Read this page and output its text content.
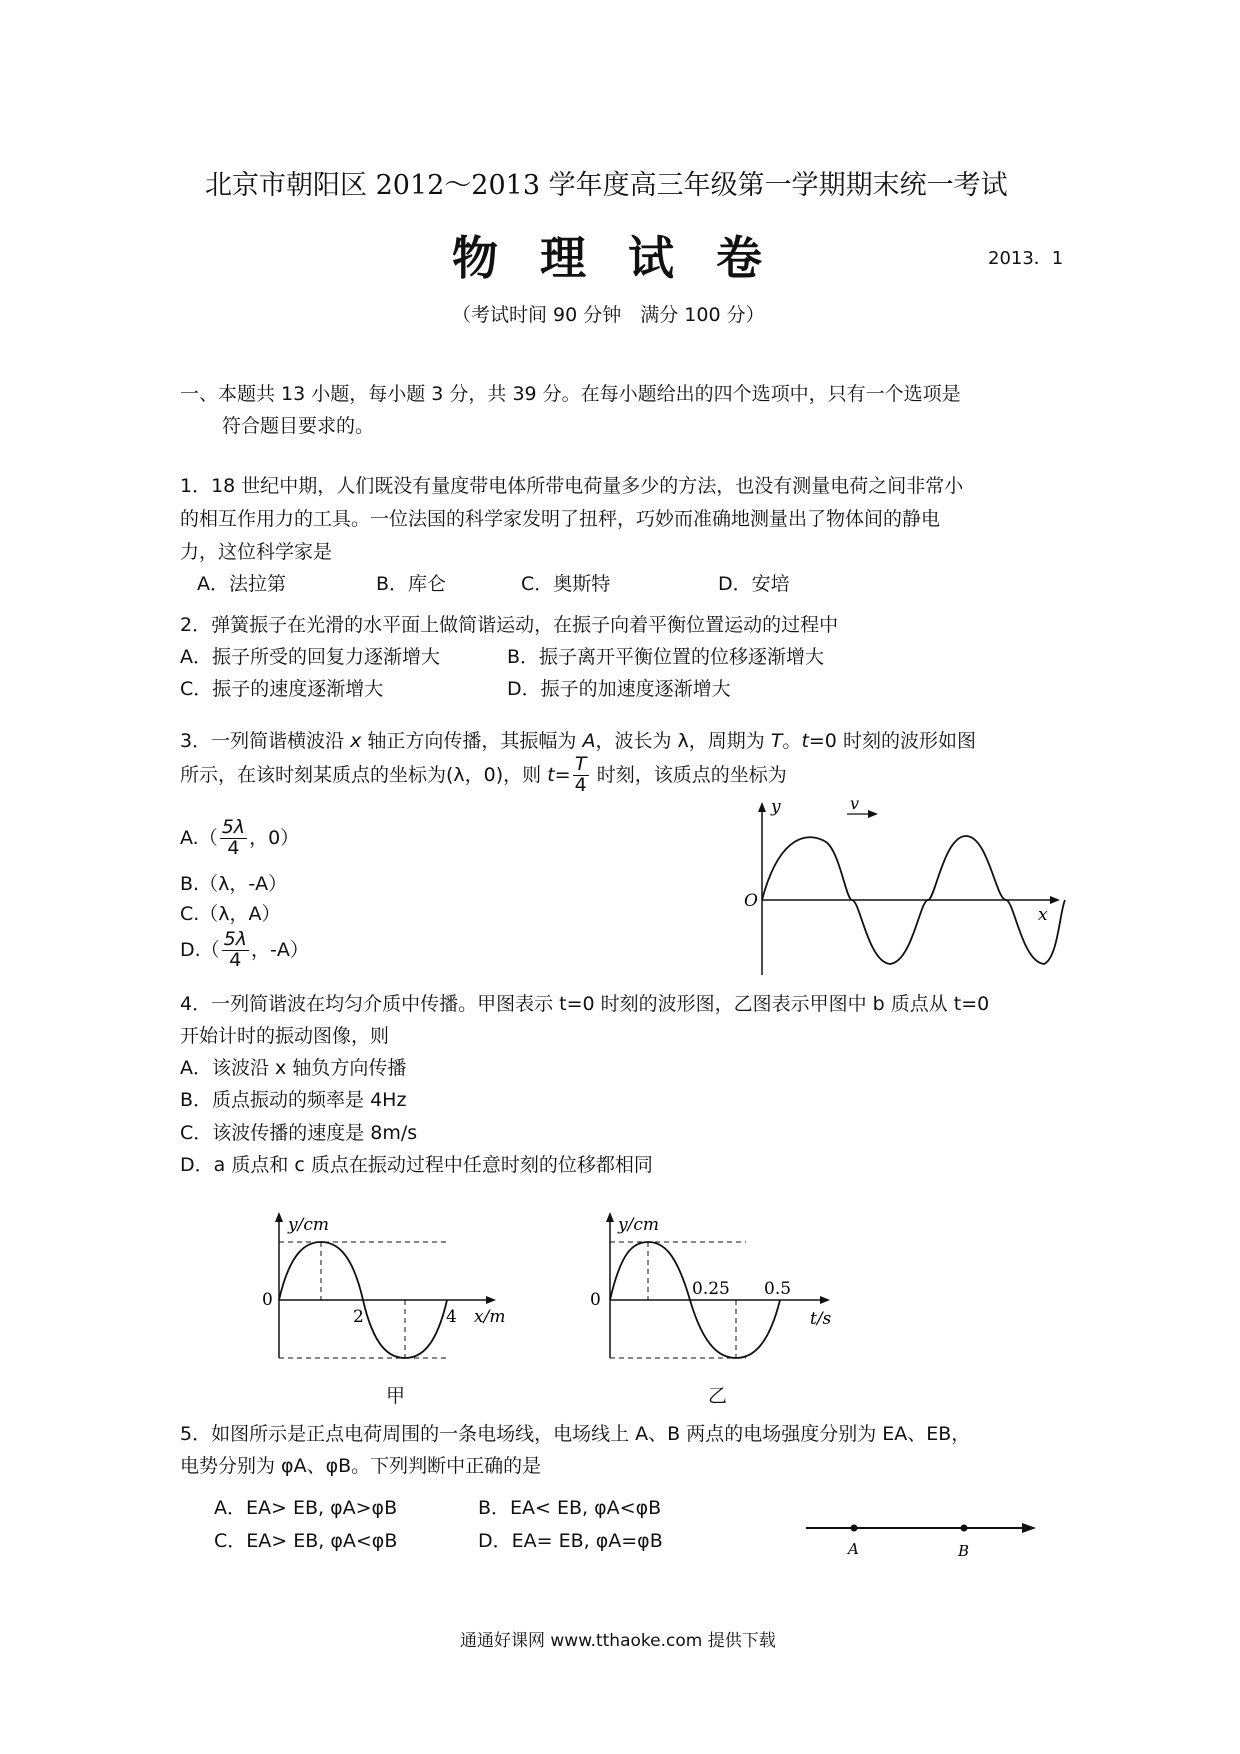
北京市朝阳区 2012～2013 学年度高三年级第一学期期末统一考试
物理试卷	2013．1
（考试时间 90 分钟　满分 100 分）
一、本题共 13 小题，每小题 3 分，共 39 分。在每小题给出的四个选项中，只有一个选项是
符合题目要求的。
1．18 世纪中期，人们既没有量度带电体所带电荷量多少的方法，也没有测量电荷之间非常小
的相互作用力的工具。一位法国的科学家发明了扭秤，巧妙而准确地测量出了物体间的静电
力，这位科学家是
A．法拉第	B．库仑	C．奥斯特	D．安培
2．弹簧振子在光滑的水平面上做简谐运动，在振子向着平衡位置运动的过程中
A．振子所受的回复力逐渐增大	B．振子离开平衡位置的位移逐渐增大
C．振子的速度逐渐增大	D．振子的加速度逐渐增大
3．一列简谐横波沿 x 轴正方向传播，其振幅为 A，波长为 λ，周期为 T。t=0 时刻的波形如图
所示，在该时刻某质点的坐标为(λ，0)，则 $t= \frac{T}{4}$ 时刻，该质点的坐标为
$A.( \frac{5\lambda}{4}$ ，0）
B.（λ，-A）
C.（λ，A）
$D.( \frac{5\lambda}{4}$ ，-A）
v
y
x
O
4．一列简谐波在均匀介质中传播。甲图表示 t=0 时刻的波形图，乙图表示甲图中 b 质点从 t=0
开始计时的振动图像，则
A．该波沿 x 轴负方向传播
B．质点振动的频率是 4Hz
C．该波传播的速度是 8m/s
D．a 质点和 c 质点在振动过程中任意时刻的位移都相同
0
y/cm
2	4 x/m
甲
0
y/cm
0.25 0.5
t/s
乙
5．如图所示是正点电荷周围的一条电场线，电场线上 A、B 两点的电场强度分别为 EA、EB，
电势分别为 φA、φB。下列判断中正确的是
A．EA> EB, φA>φB	B．EA< EB, φA<φB
C．EA> EB, φA<φB	D．EA= EB, φA=φB	A	B
通通好课网 www.tthaoke.com 提供下载
